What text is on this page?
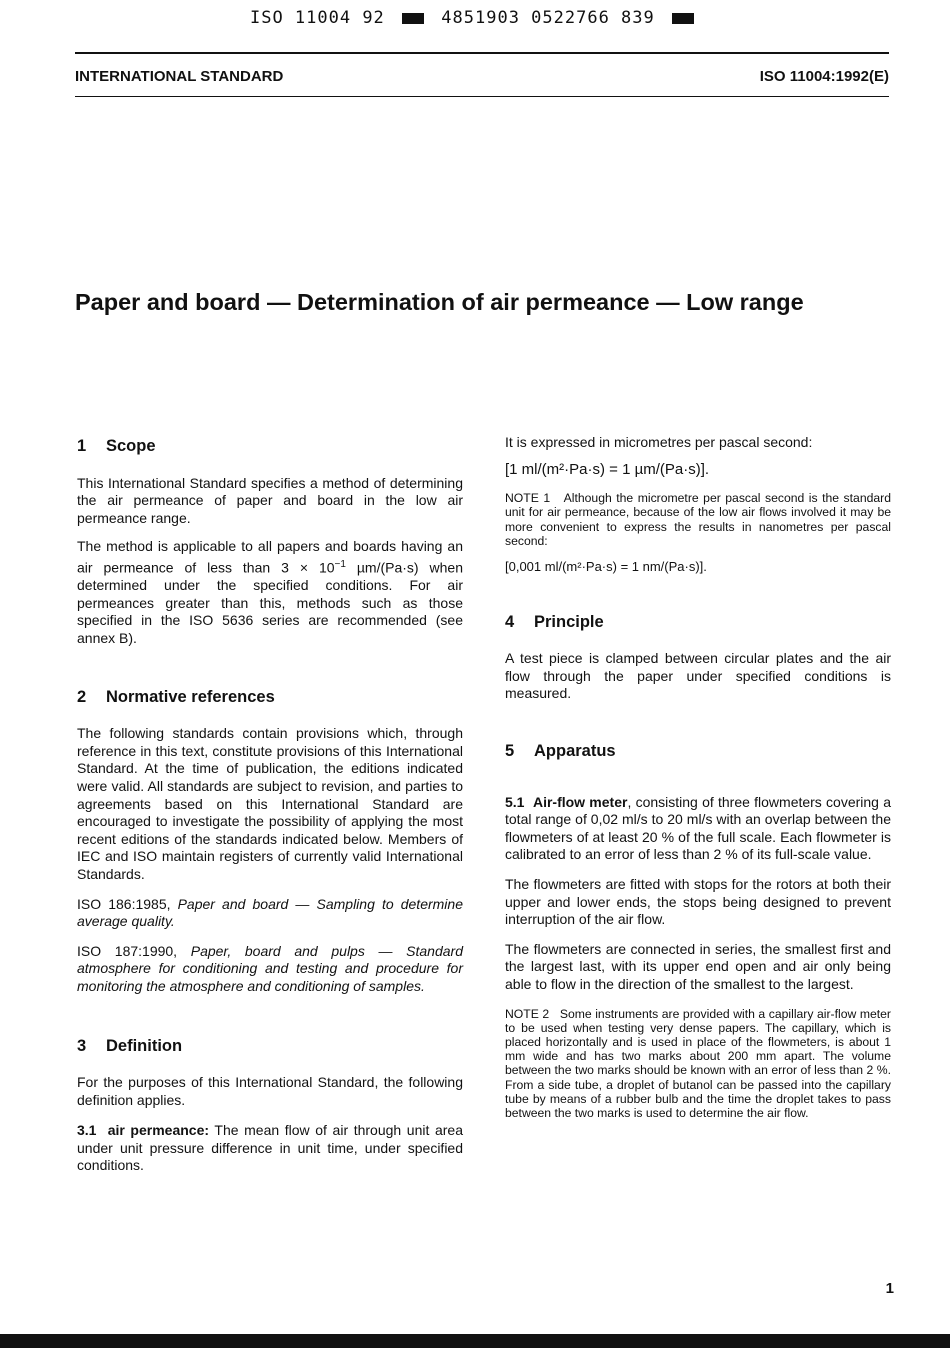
ISO 11004 92	4851903 0522766 839
INTERNATIONAL STANDARD	ISO 11004:1992(E)
Paper and board — Determination of air permeance — Low range
1 Scope

This International Standard specifies a method of determining the air permeance of paper and board in the low air permeance range.

The method is applicable to all papers and boards having an air permeance of less than $3 \times 10^{-1}$ µm/(Pa·s) when determined under the specified conditions. For air permeances greater than this, methods such as those specified in the ISO 5636 series are recommended (see annex B).

2 Normative references

The following standards contain provisions which, through reference in this text, constitute provisions of this International Standard. At the time of publication, the editions indicated were valid. All standards are subject to revision, and parties to agreements based on this International Standard are encouraged to investigate the possibility of applying the most recent editions of the standards indicated below. Members of IEC and ISO maintain registers of currently valid International Standards.

ISO 186:1985, Paper and board — Sampling to determine average quality.

ISO 187:1990, Paper, board and pulps — Standard atmosphere for conditioning and testing and procedure for monitoring the atmosphere and conditioning of samples.

3 Definition

For the purposes of this International Standard, the following definition applies.

3.1 air permeance: The mean flow of air through unit area under unit pressure difference in unit time, under specified conditions.

It is expressed in micrometres per pascal second:

[1 ml/(m²·Pa·s) = 1 µm/(Pa·s)].

NOTE 1 Although the micrometre per pascal second is the standard unit for air permeance, because of the low air flows involved it may be more convenient to express the results in nanometres per pascal second:

[0,001 ml/(m²·Pa·s) = 1 nm/(Pa·s)].

4 Principle

A test piece is clamped between circular plates and the air flow through the paper under specified conditions is measured.

5 Apparatus

5.1 Air-flow meter, consisting of three flowmeters covering a total range of 0,02 ml/s to 20 ml/s with an overlap between the flowmeters of at least 20 % of the full scale. Each flowmeter is calibrated to an error of less than 2 % of its full-scale value.

The flowmeters are fitted with stops for the rotors at both their upper and lower ends, the stops being designed to prevent interruption of the air flow.

The flowmeters are connected in series, the smallest first and the largest last, with its upper end open and air only being able to flow in the direction of the smallest to the largest.

NOTE 2 Some instruments are provided with a capillary air-flow meter to be used when testing very dense papers. The capillary, which is placed horizontally and is used in place of the flowmeters, is about 1 mm wide and has two marks about 200 mm apart. The volume between the two marks should be known with an error of less than 2 %. From a side tube, a droplet of butanol can be passed into the capillary tube by means of a rubber bulb and the time the droplet takes to pass between the two marks is used to determine the air flow.

1
